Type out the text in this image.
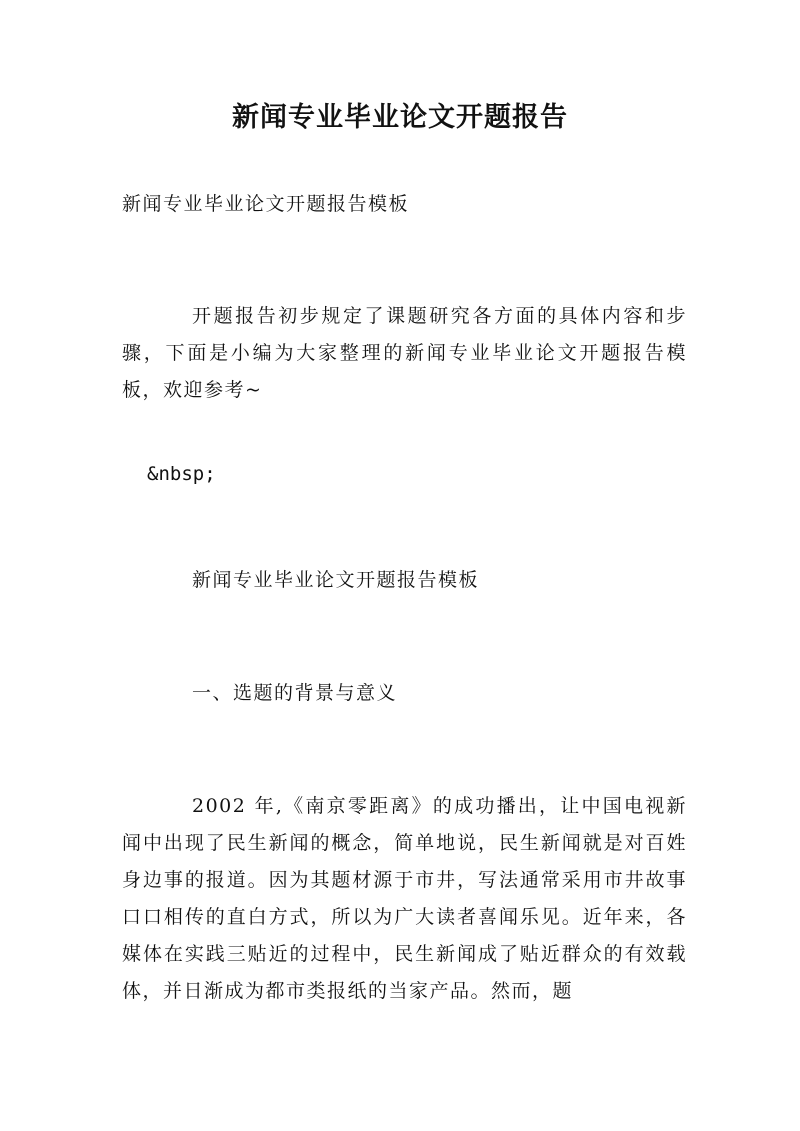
新闻专业毕业论文开题报告

新闻专业毕业论文开题报告模板

开题报告初步规定了课题研究各方面的具体内容和步骤，下面是小编为大家整理的新闻专业毕业论文开题报告模板，欢迎参考~

&nbsp;

新闻专业毕业论文开题报告模板

一、选题的背景与意义

2002 年,《南京零距离》的成功播出，让中国电视新闻中出现了民生新闻的概念，简单地说，民生新闻就是对百姓身边事的报道。因为其题材源于市井，写法通常采用市井故事口口相传的直白方式，所以为广大读者喜闻乐见。近年来，各媒体在实践三贴近的过程中，民生新闻成了贴近群众的有效载体，并日渐成为都市类报纸的当家产品。然而，题
